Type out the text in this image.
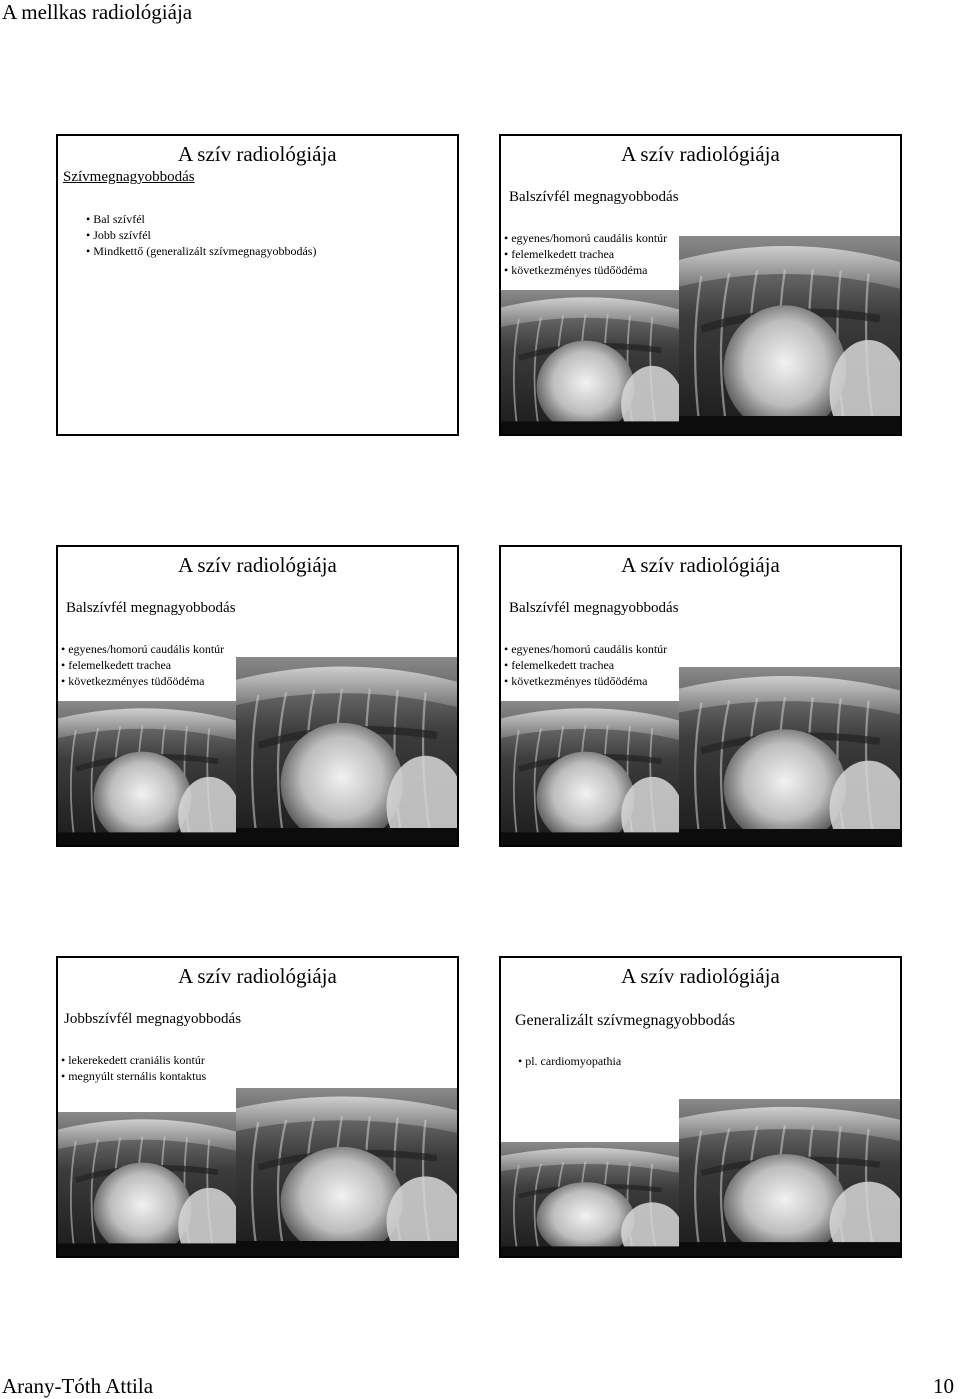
A mellkas radiológiája
A szív radiológiája
Szívmegnagyobbodás
• Bal szívfél
• Jobb szívfél
• Mindkettő (generalizált szívmegnagyobbodás)
A szív radiológiája
Balszívfél megnagyobbodás
• egyenes/homorú caudális kontúr
• felemelkedett trachea
• következményes tüdőödéma
A szív radiológiája
Balszívfél megnagyobbodás
• egyenes/homorú caudális kontúr
• felemelkedett trachea
• következményes tüdőödéma
A szív radiológiája
Balszívfél megnagyobbodás
• egyenes/homorú caudális kontúr
• felemelkedett trachea
• következményes tüdőödéma
A szív radiológiája
Jobbszívfél megnagyobbodás
• lekerekedett craniális kontúr
• megnyúlt sternális kontaktus
A szív radiológiája
Generalizált szívmegnagyobbodás
• pl. cardiomyopathia
Arany-Tóth Attila	10
